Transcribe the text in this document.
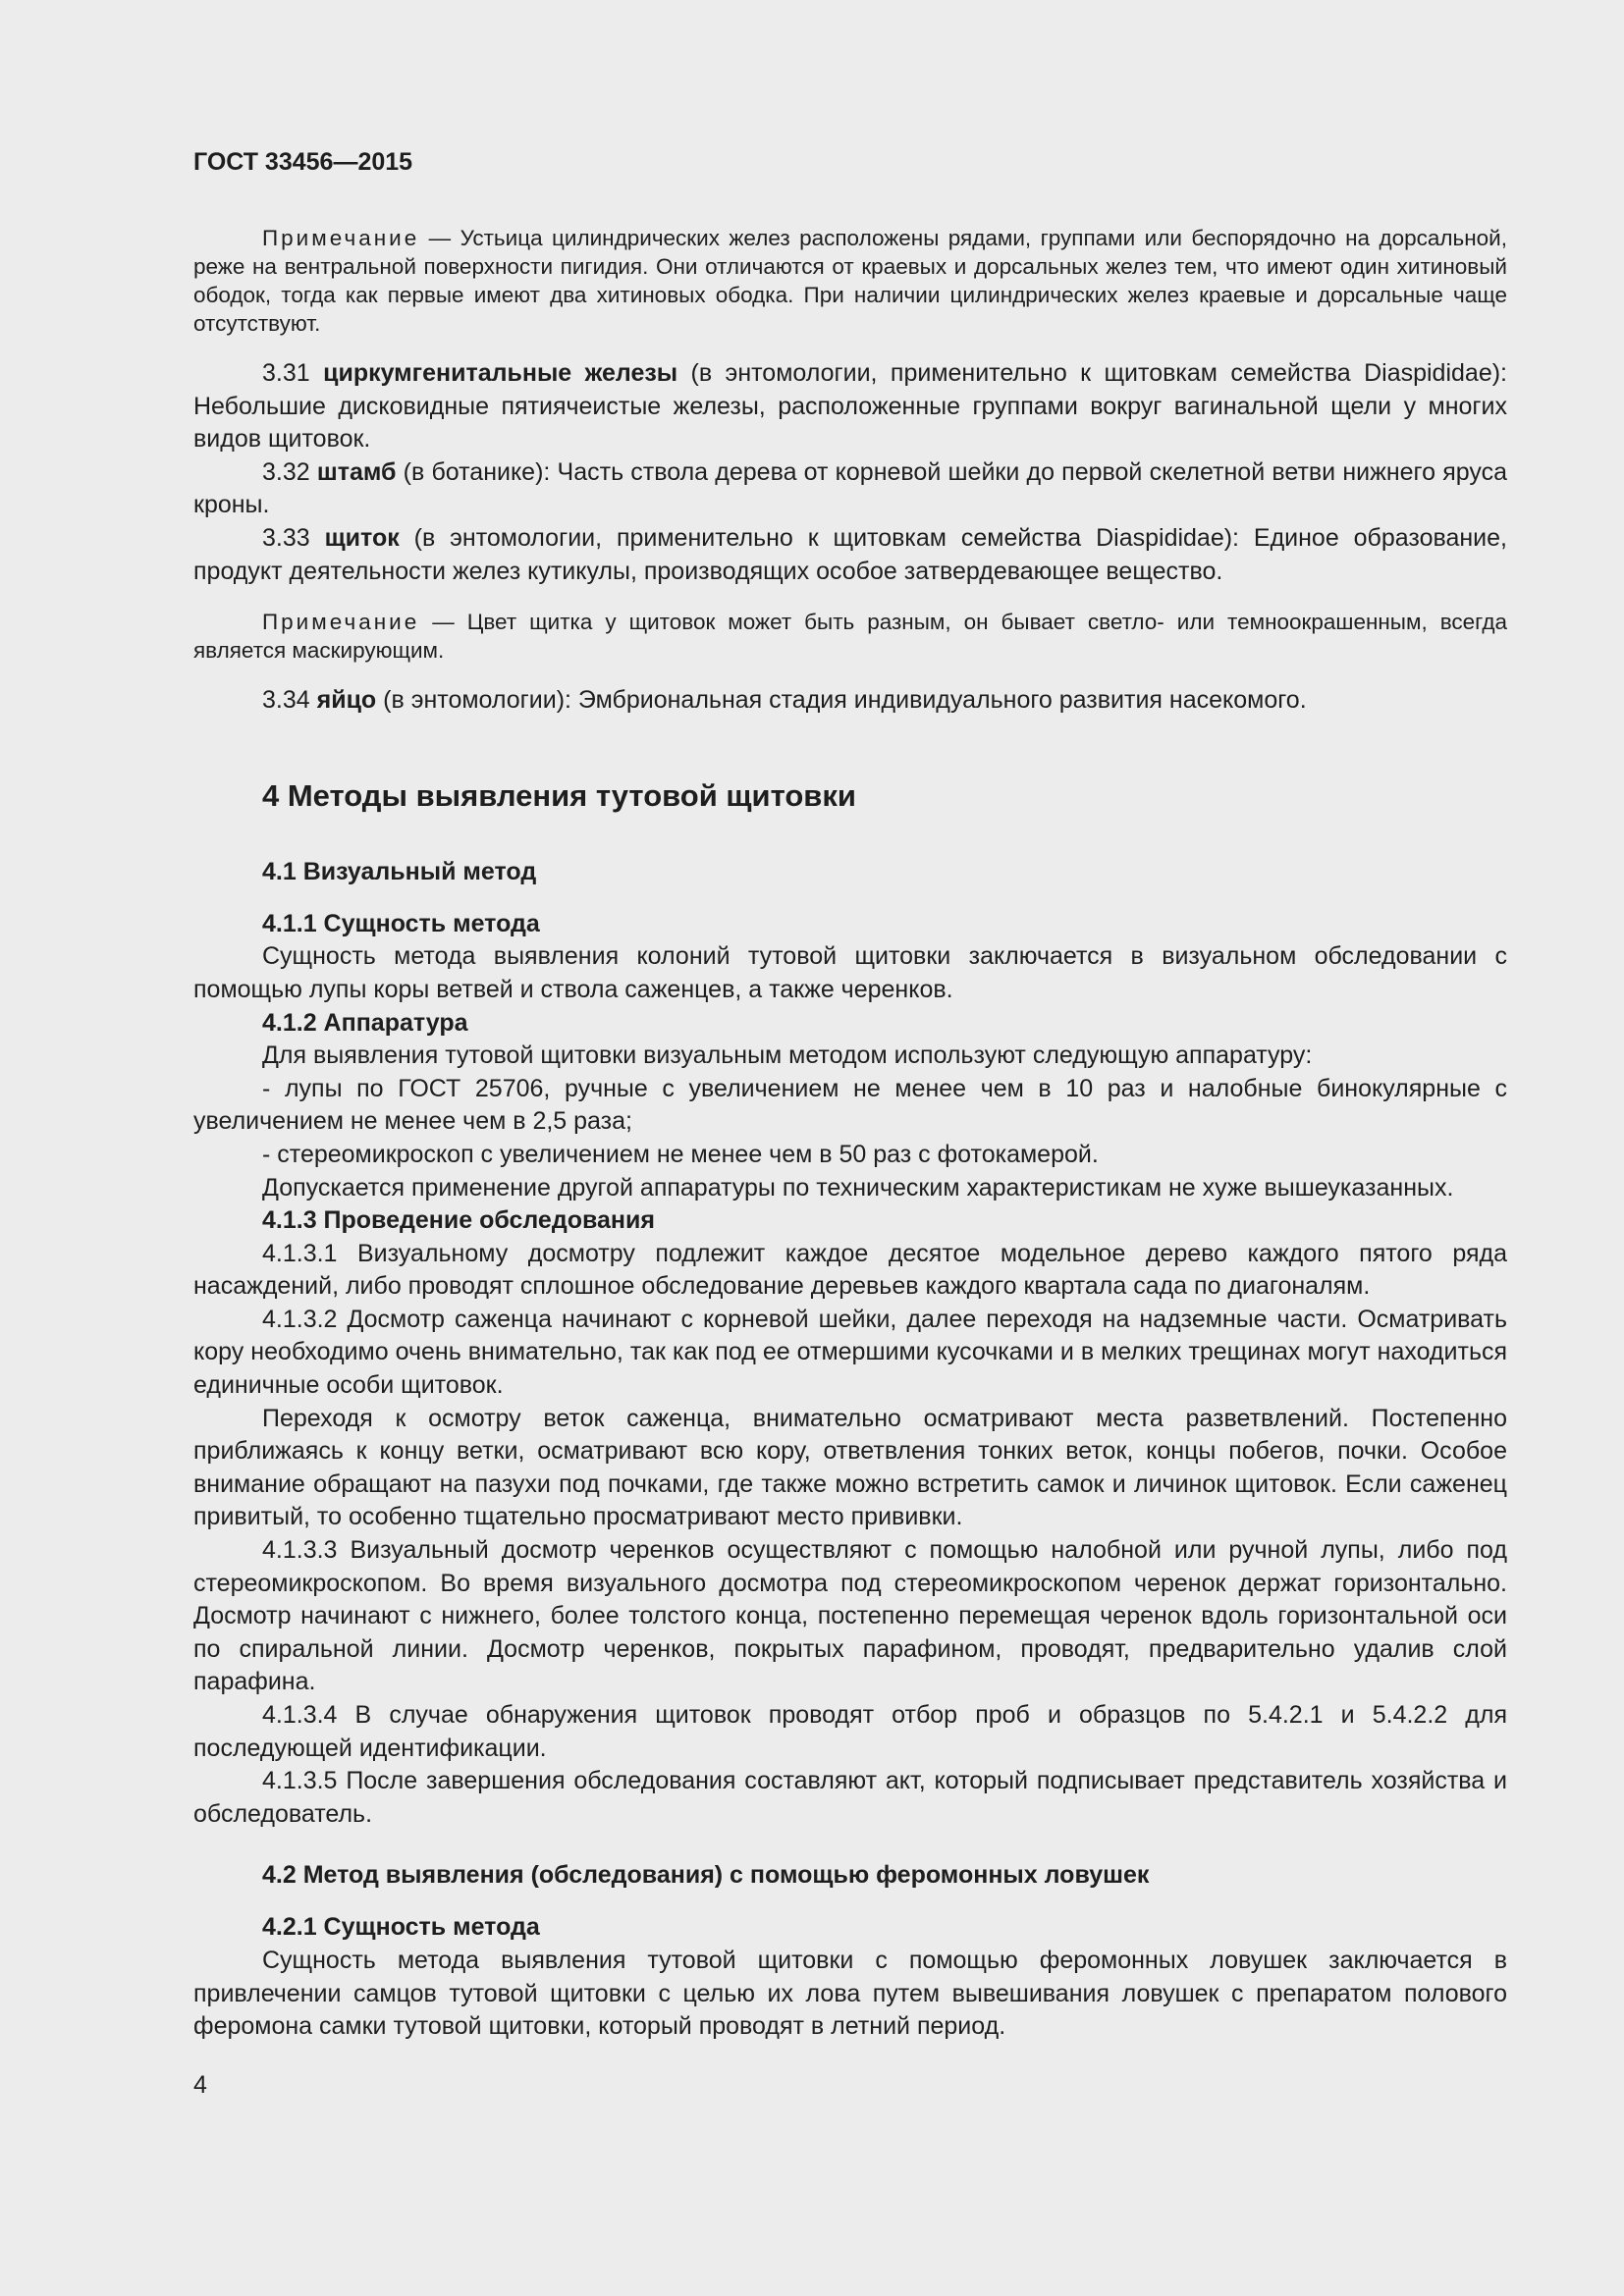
ГОСТ 33456—2015

Примечание — Устьица цилиндрических желез расположены рядами, группами или беспорядочно на дорсальной, реже на вентральной поверхности пигидия. Они отличаются от краевых и дорсальных желез тем, что имеют один хитиновый ободок, тогда как первые имеют два хитиновых ободка. При наличии цилиндрических желез краевые и дорсальные чаще отсутствуют.

3.31 циркумгенитальные железы (в энтомологии, применительно к щитовкам семейства Diaspididae): Небольшие дисковидные пятиячеистые железы, расположенные группами вокруг вагинальной щели у многих видов щитовок.

3.32 штамб (в ботанике): Часть ствола дерева от корневой шейки до первой скелетной ветви нижнего яруса кроны.

3.33 щиток (в энтомологии, применительно к щитовкам семейства Diaspididae): Единое образование, продукт деятельности желез кутикулы, производящих особое затвердевающее вещество.

Примечание — Цвет щитка у щитовок может быть разным, он бывает светло- или темноокрашенным, всегда является маскирующим.

3.34 яйцо (в энтомологии): Эмбриональная стадия индивидуального развития насекомого.

4 Методы выявления тутовой щитовки
4.1 Визуальный метод
4.1.1 Сущность метода

Сущность метода выявления колоний тутовой щитовки заключается в визуальном обследовании с помощью лупы коры ветвей и ствола саженцев, а также черенков.

4.1.2 Аппаратура

Для выявления тутовой щитовки визуальным методом используют следующую аппаратуру:

- лупы по ГОСТ 25706, ручные с увеличением не менее чем в 10 раз и налобные бинокулярные с увеличением не менее чем в 2,5 раза;

- стереомикроскоп с увеличением не менее чем в 50 раз с фотокамерой.

Допускается применение другой аппаратуры по техническим характеристикам не хуже вышеуказанных.

4.1.3 Проведение обследования

4.1.3.1 Визуальному досмотру подлежит каждое десятое модельное дерево каждого пятого ряда насаждений, либо проводят сплошное обследование деревьев каждого квартала сада по диагоналям.

4.1.3.2 Досмотр саженца начинают с корневой шейки, далее переходя на надземные части. Осматривать кору необходимо очень внимательно, так как под ее отмершими кусочками и в мелких трещинах могут находиться единичные особи щитовок.

Переходя к осмотру веток саженца, внимательно осматривают места разветвлений. Постепенно приближаясь к концу ветки, осматривают всю кору, ответвления тонких веток, концы побегов, почки. Особое внимание обращают на пазухи под почками, где также можно встретить самок и личинок щитовок. Если саженец привитый, то особенно тщательно просматривают место прививки.

4.1.3.3 Визуальный досмотр черенков осуществляют с помощью налобной или ручной лупы, либо под стереомикроскопом. Во время визуального досмотра под стереомикроскопом черенок держат горизонтально. Досмотр начинают с нижнего, более толстого конца, постепенно перемещая черенок вдоль горизонтальной оси по спиральной линии. Досмотр черенков, покрытых парафином, проводят, предварительно удалив слой парафина.

4.1.3.4 В случае обнаружения щитовок проводят отбор проб и образцов по 5.4.2.1 и 5.4.2.2 для последующей идентификации.

4.1.3.5 После завершения обследования составляют акт, который подписывает представитель хозяйства и обследователь.

4.2 Метод выявления (обследования) с помощью феромонных ловушек
4.2.1 Сущность метода

Сущность метода выявления тутовой щитовки с помощью феромонных ловушек заключается в привлечении самцов тутовой щитовки с целью их лова путем вывешивания ловушек с препаратом полового феромона самки тутовой щитовки, который проводят в летний период.

4
